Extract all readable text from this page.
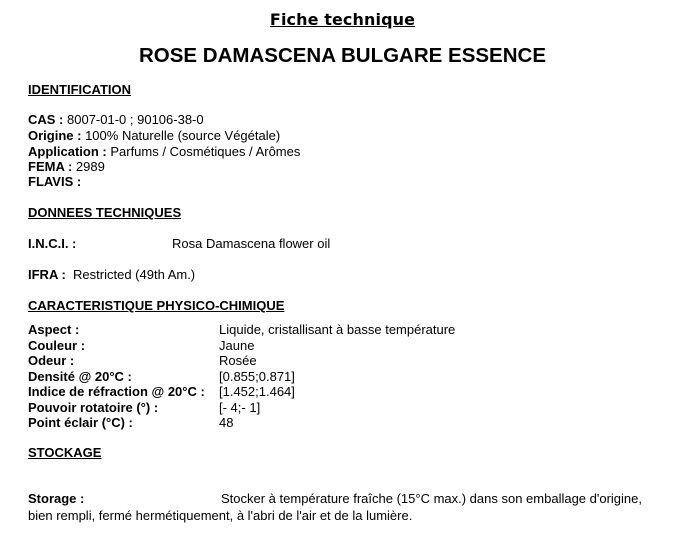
Fiche technique
ROSE DAMASCENA BULGARE ESSENCE
IDENTIFICATION
CAS : 8007-01-0 ; 90106-38-0
Origine : 100% Naturelle (source Végétale)
Application : Parfums / Cosmétiques / Arômes
FEMA : 2989
FLAVIS :
DONNEES TECHNIQUES
I.N.C.I. :	Rosa Damascena flower oil
IFRA : Restricted (49th Am.)
CARACTERISTIQUE PHYSICO-CHIMIQUE
Aspect :	Liquide, cristallisant à basse température
Couleur :	Jaune
Odeur :	Rosée
Densité @ 20°C :	[0.855;0.871]
Indice de réfraction @ 20°C : [1.452;1.464]
Pouvoir rotatoire (°) :	[- 4;- 1]
Point éclair (°C) :	48
STOCKAGE
Storage :	Stocker à température fraîche (15°C max.) dans son emballage d'origine,
bien rempli, fermé hermétiquement, à l'abri de l'air et de la lumière.
